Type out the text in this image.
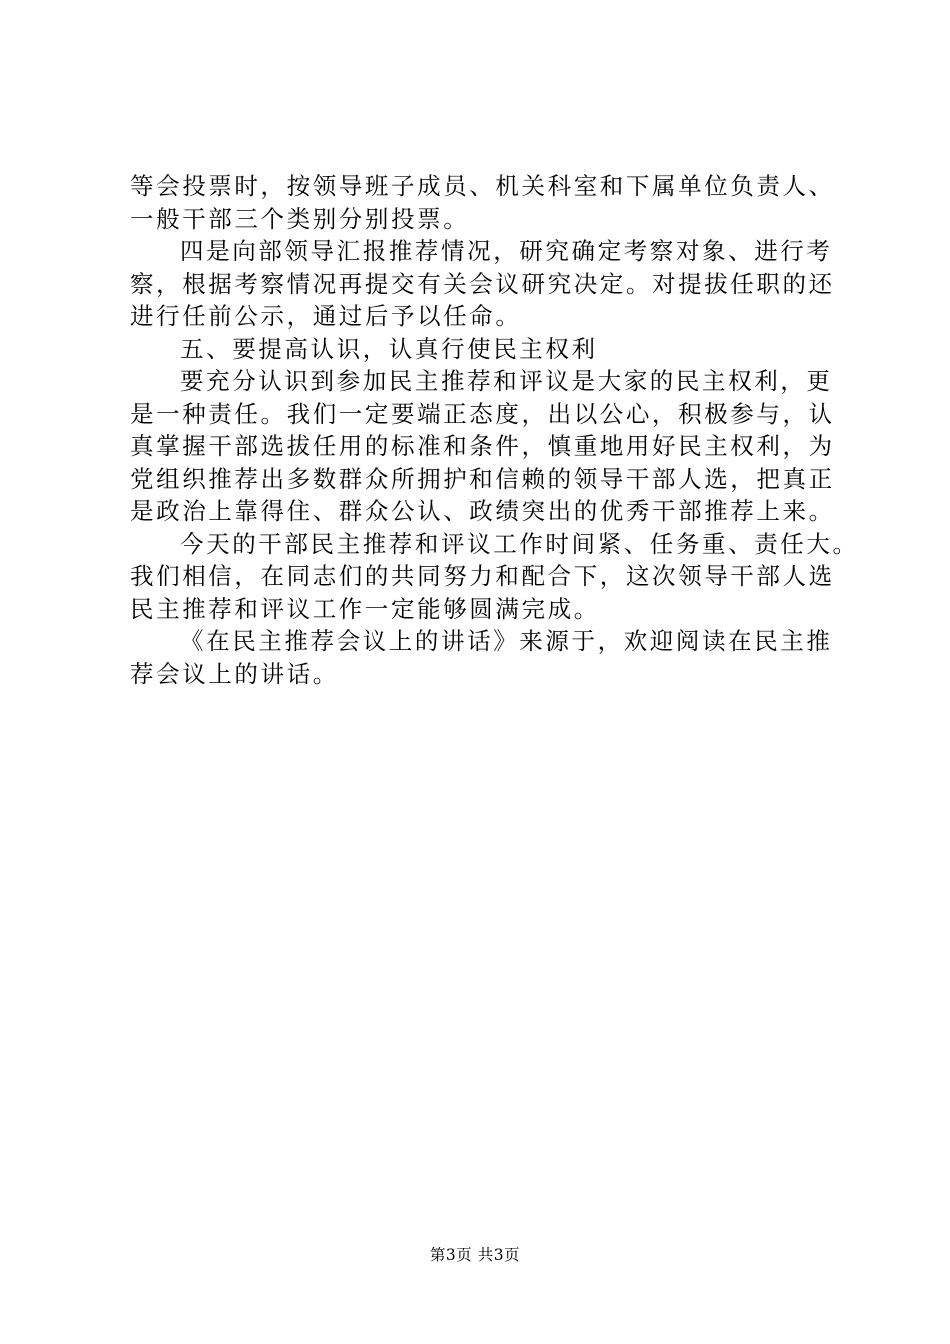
等会投票时，按领导班子成员、机关科室和下属单位负责人、
一般干部三个类别分别投票。
四是向部领导汇报推荐情况，研究确定考察对象、进行考
察，根据考察情况再提交有关会议研究决定。对提拔任职的还
进行任前公示，通过后予以任命。
五、要提高认识，认真行使民主权利
要充分认识到参加民主推荐和评议是大家的民主权利，更
是一种责任。我们一定要端正态度，出以公心，积极参与，认
真掌握干部选拔任用的标准和条件，慎重地用好民主权利，为
党组织推荐出多数群众所拥护和信赖的领导干部人选，把真正
是政治上靠得住、群众公认、政绩突出的优秀干部推荐上来。
今天的干部民主推荐和评议工作时间紧、任务重、责任大。
我们相信，在同志们的共同努力和配合下，这次领导干部人选
民主推荐和评议工作一定能够圆满完成。
《在民主推荐会议上的讲话》来源于，欢迎阅读在民主推
荐会议上的讲话。
第3页 共3页
